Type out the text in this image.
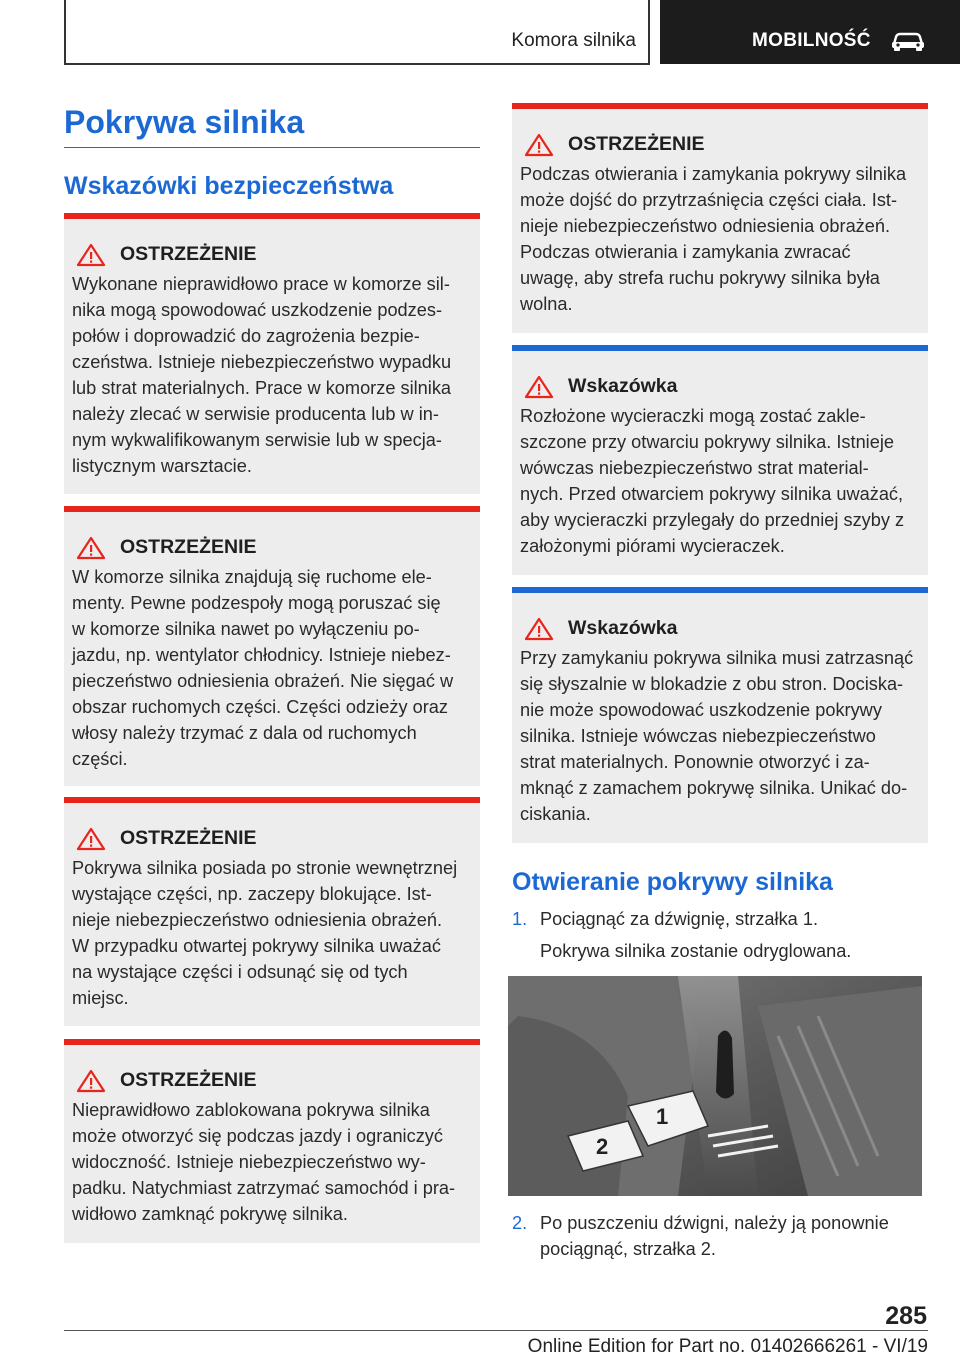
Komora silnika	MOBILNOŚĆ
Pokrywa silnika
Wskazówki bezpieczeństwa
OSTRZEŻENIE
Wykonane nieprawidłowo prace w komorze sil-
nika mogą spowodować uszkodzenie podzes-
połów i doprowadzić do zagrożenia bezpie-
czeństwa. Istnieje niebezpieczeństwo wypadku
lub strat materialnych. Prace w komorze silnika
należy zlecać w serwisie producenta lub w in-
nym wykwalifikowanym serwisie lub w specja-
listycznym warsztacie.
OSTRZEŻENIE
W komorze silnika znajdują się ruchome ele-
menty. Pewne podzespoły mogą poruszać się
w komorze silnika nawet po wyłączeniu po-
jazdu, np. wentylator chłodnicy. Istnieje niebez-
pieczeństwo odniesienia obrażeń. Nie sięgać w
obszar ruchomych części. Części odzieży oraz
włosy należy trzymać z dala od ruchomych
części.
OSTRZEŻENIE
Pokrywa silnika posiada po stronie wewnętrznej
wystające części, np. zaczepy blokujące. Ist-
nieje niebezpieczeństwo odniesienia obrażeń.
W przypadku otwartej pokrywy silnika uważać
na wystające części i odsunąć się od tych
miejsc.
OSTRZEŻENIE
Nieprawidłowo zablokowana pokrywa silnika
może otworzyć się podczas jazdy i ograniczyć
widoczność. Istnieje niebezpieczeństwo wy-
padku. Natychmiast zatrzymać samochód i pra-
widłowo zamknąć pokrywę silnika.
OSTRZEŻENIE
Podczas otwierania i zamykania pokrywy silnika
może dojść do przytrzaśnięcia części ciała. Ist-
nieje niebezpieczeństwo odniesienia obrażeń.
Podczas otwierania i zamykania zwracać
uwagę, aby strefa ruchu pokrywy silnika była
wolna.
Wskazówka
Rozłożone wycieraczki mogą zostać zakle-
szczone przy otwarciu pokrywy silnika. Istnieje
wówczas niebezpieczeństwo strat material-
nych. Przed otwarciem pokrywy silnika uważać,
aby wycieraczki przylegały do przedniej szyby z
założonymi piórami wycieraczek.
Wskazówka
Przy zamykaniu pokrywa silnika musi zatrzasnąć
się słyszalnie w blokadzie z obu stron. Dociska-
nie może spowodować uszkodzenie pokrywy
silnika. Istnieje wówczas niebezpieczeństwo
strat materialnych. Ponownie otworzyć i za-
mknąć z zamachem pokrywę silnika. Unikać do-
ciskania.
Otwieranie pokrywy silnika
1. Pociągnąć za dźwignię, strzałka 1.
Pokrywa silnika zostanie odryglowana.
1
2
2. Po puszczeniu dźwigni, należy ją ponownie
pociągnąć, strzałka 2.
285
Online Edition for Part no. 01402666261 - VI/19
